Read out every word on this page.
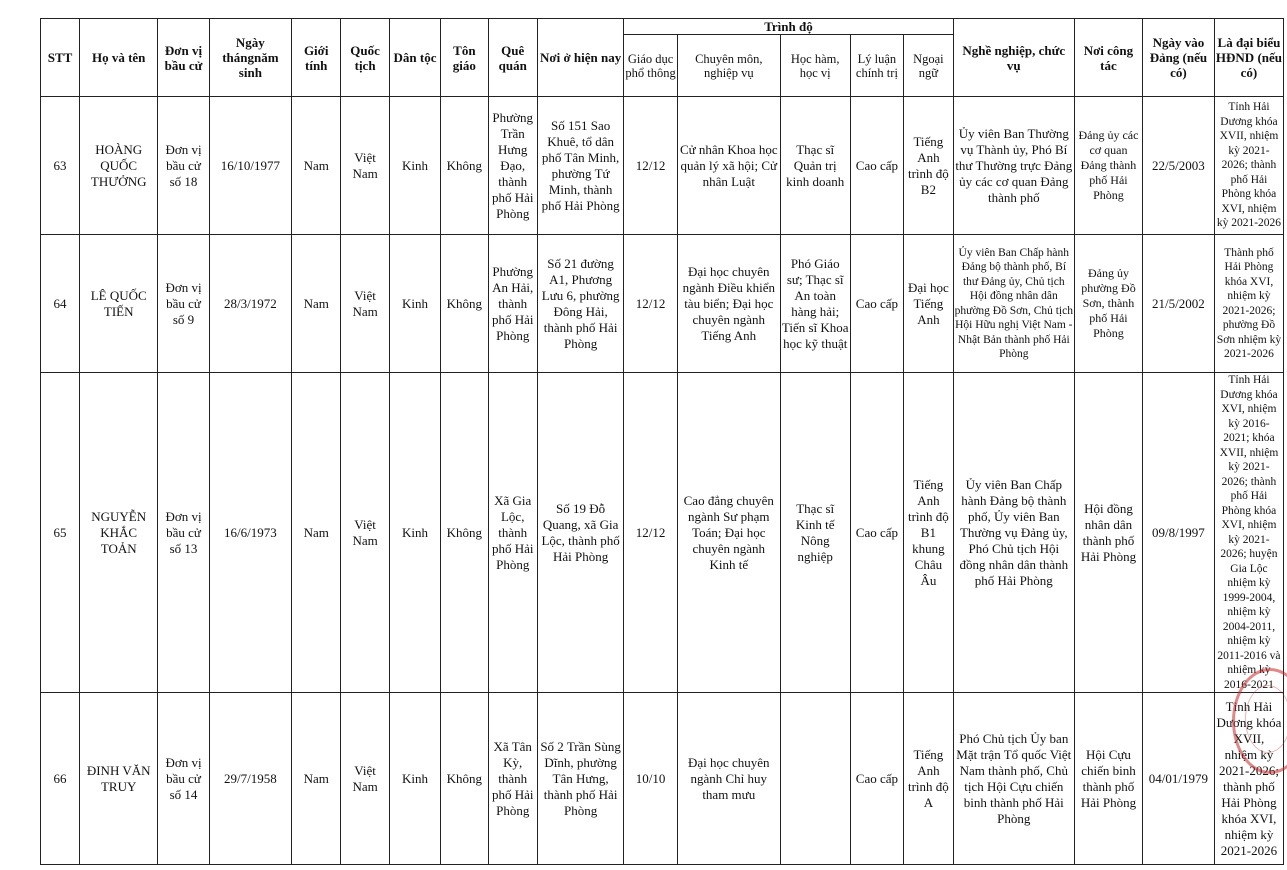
STT	Họ và tên	Đơn vị bầu cử	Ngày thángnăm sinh	Giới tính	Quốc tịch	Dân tộc	Tôn giáo	Quê quán	Nơi ở hiện nay	Trình độ					Nghề nghiệp, chức vụ	Nơi công tác	Ngày vào Đảng (nếu có)	Là đại biểu HĐND (nếu có)
										Giáo dục phổ thông	Chuyên môn, nghiệp vụ	Học hàm, học vị	Lý luận chính trị	Ngoại ngữ				
63	HOÀNG QUỐC THƯỞNG	Đơn vị bầu cử số 18	16/10/1977	Nam	Việt Nam	Kinh	Không	Phường Trần Hưng Đạo, thành phố Hải Phòng	Số 151 Sao Khuê, tổ dân phố Tân Minh, phường Tứ Minh, thành phố Hải Phòng	12/12	Cử nhân Khoa học quản lý xã hội; Cử nhân Luật	Thạc sĩ Quản trị kinh doanh	Cao cấp	Tiếng Anh trình độ B2	Ủy viên Ban Thường vụ Thành ủy, Phó Bí thư Thường trực Đảng ủy các cơ quan Đảng thành phố	Đảng ủy các cơ quan Đảng thành phố Hải Phòng	22/5/2003	Tỉnh Hải Dương khóa XVII, nhiệm kỳ 2021-2026; thành phố Hải Phòng khóa XVI, nhiệm kỳ 2021-2026
64	LÊ QUỐC TIẾN	Đơn vị bầu cử số 9	28/3/1972	Nam	Việt Nam	Kinh	Không	Phường An Hải, thành phố Hải Phòng	Số 21 đường A1, Phương Lưu 6, phường Đông Hải, thành phố Hải Phòng	12/12	Đại học chuyên ngành Điều khiển tàu biển; Đại học chuyên ngành Tiếng Anh	Phó Giáo sư; Thạc sĩ An toàn hàng hải; Tiến sĩ Khoa học kỹ thuật	Cao cấp	Đại học Tiếng Anh	Ủy viên Ban Chấp hành Đảng bộ thành phố, Bí thư Đảng ủy, Chủ tịch Hội đồng nhân dân phường Đồ Sơn, Chủ tịch Hội Hữu nghị Việt Nam - Nhật Bản thành phố Hải Phòng	Đảng ủy phường Đồ Sơn, thành phố Hải Phòng	21/5/2002	Thành phố Hải Phòng khóa XVI, nhiệm kỳ 2021-2026; phường Đồ Sơn nhiệm kỳ 2021-2026
65	NGUYỄN KHẮC TOẢN	Đơn vị bầu cử số 13	16/6/1973	Nam	Việt Nam	Kinh	Không	Xã Gia Lộc, thành phố Hải Phòng	Số 19 Đỗ Quang, xã Gia Lộc, thành phố Hải Phòng	12/12	Cao đẳng chuyên ngành Sư phạm Toán; Đại học chuyên ngành Kinh tế	Thạc sĩ Kinh tế Nông nghiệp	Cao cấp	Tiếng Anh trình độ B1 khung Châu Âu	Ủy viên Ban Chấp hành Đảng bộ thành phố, Ủy viên Ban Thường vụ Đảng ủy, Phó Chủ tịch Hội đồng nhân dân thành phố Hải Phòng	Hội đồng nhân dân thành phố Hải Phòng	09/8/1997	Tỉnh Hải Dương khóa XVI, nhiệm kỳ 2016-2021; khóa XVII, nhiệm kỳ 2021-2026; thành phố Hải Phòng khóa XVI, nhiệm kỳ 2021-2026; huyện Gia Lộc nhiệm kỳ 1999-2004, nhiệm kỳ 2004-2011, nhiệm kỳ 2011-2016 và nhiệm kỳ 2016-2021
66	ĐINH VĂN TRUY	Đơn vị bầu cử số 14	29/7/1958	Nam	Việt Nam	Kinh	Không	Xã Tân Kỳ, thành phố Hải Phòng	Số 2 Trần Sùng Dĩnh, phường Tân Hưng, thành phố Hải Phòng	10/10	Đại học chuyên ngành Chỉ huy tham mưu		Cao cấp	Tiếng Anh trình độ A	Phó Chủ tịch Ủy ban Mặt trận Tổ quốc Việt Nam thành phố, Chủ tịch Hội Cựu chiến binh thành phố Hải Phòng	Hội Cựu chiến binh thành phố Hải Phòng	04/01/1979	Tỉnh Hải Dương khóa XVII, nhiệm kỳ 2021-2026; thành phố Hải Phòng khóa XVI, nhiệm kỳ 2021-2026
